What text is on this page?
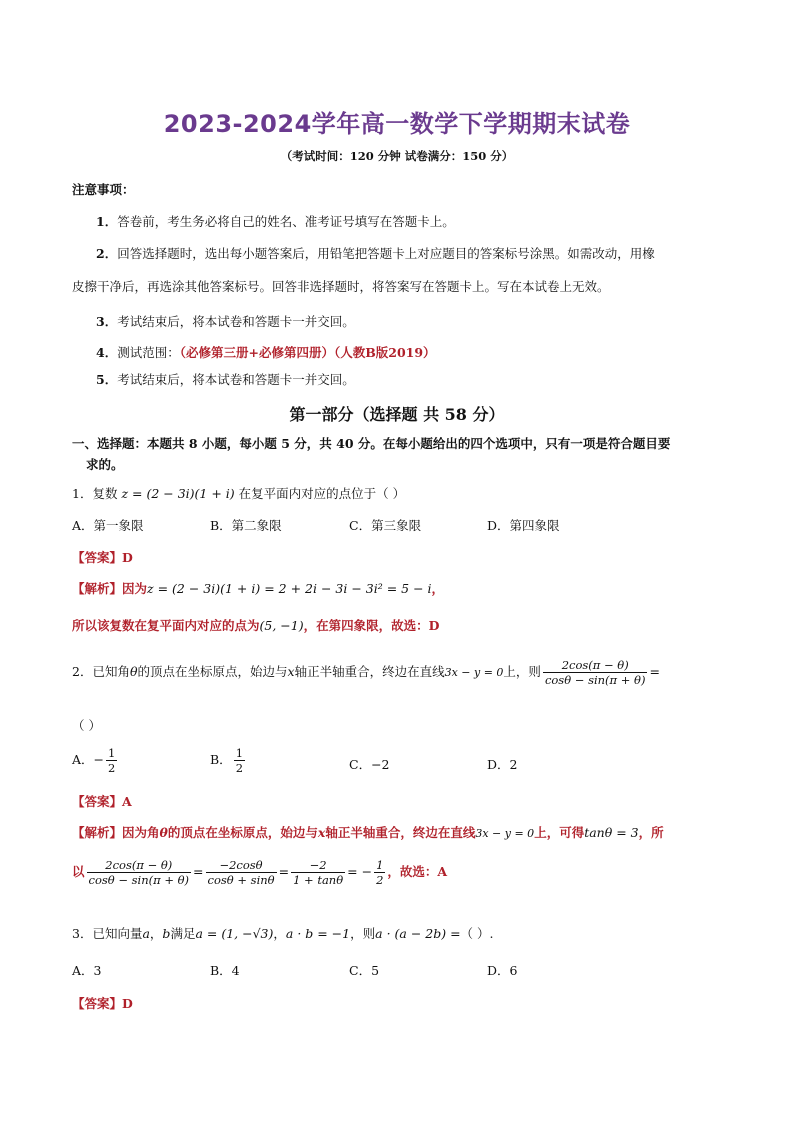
2023-2024学年高一数学下学期期末试卷
（考试时间：120 分钟 试卷满分：150 分）
注意事项：
1．答卷前，考生务必将自己的姓名、准考证号填写在答题卡上。
2．回答选择题时，选出每小题答案后，用铅笔把答题卡上对应题目的答案标号涂黑。如需改动，用橡
皮擦干净后，再选涂其他答案标号。回答非选择题时，将答案写在答题卡上。写在本试卷上无效。
3．考试结束后，将本试卷和答题卡一并交回。
4．测试范围：（必修第三册+必修第四册）（人教B版2019）
5．考试结束后，将本试卷和答题卡一并交回。
第一部分（选择题 共 58 分）
一、选择题：本题共 8 小题，每小题 5 分，共 40 分。在每小题给出的四个选项中，只有一项是符合题目要
求的。
1．复数 z = (2 − 3i)(1 + i) 在复平面内对应的点位于（ ）
A．第一象限	B．第二象限	C．第三象限	D．第四象限
【答案】D
【解析】因为z = (2 − 3i)(1 + i) = 2 + 2i − 3i − 3i² = 5 − i，
所以该复数在复平面内对应的点为(5, −1)，在第四象限，故选：D
2．已知角θ的顶点在坐标原点，始边与x轴正半轴重合，终边在直线3x − y = 0上，则 $\frac{2\cos(\pi - \theta)}{\cos\theta - \sin(\pi + \theta)}$ =
（ ）
A．− $\frac{1}{2}$	B． $\frac{1}{2}$	C．−2	D．2
【答案】A
【解析】因为角θ的顶点在坐标原点，始边与x轴正半轴重合，终边在直线3x − y = 0上，可得tanθ = 3，所
以 $\frac{2\cos(\pi - \theta)}{\cos\theta - \sin(\pi + \theta)} = \frac{-2\cos\theta}{\cos\theta + \sin\theta} = \frac{-2}{1 + \tan\theta}$ = − $\frac{1}{2}$ ，故选：A
3．已知向量a，b满足a = (1, −√3)，a · b = −1，则a · (a − 2b) =（ ）.
A．3	B．4	C．5	D．6
【答案】D
